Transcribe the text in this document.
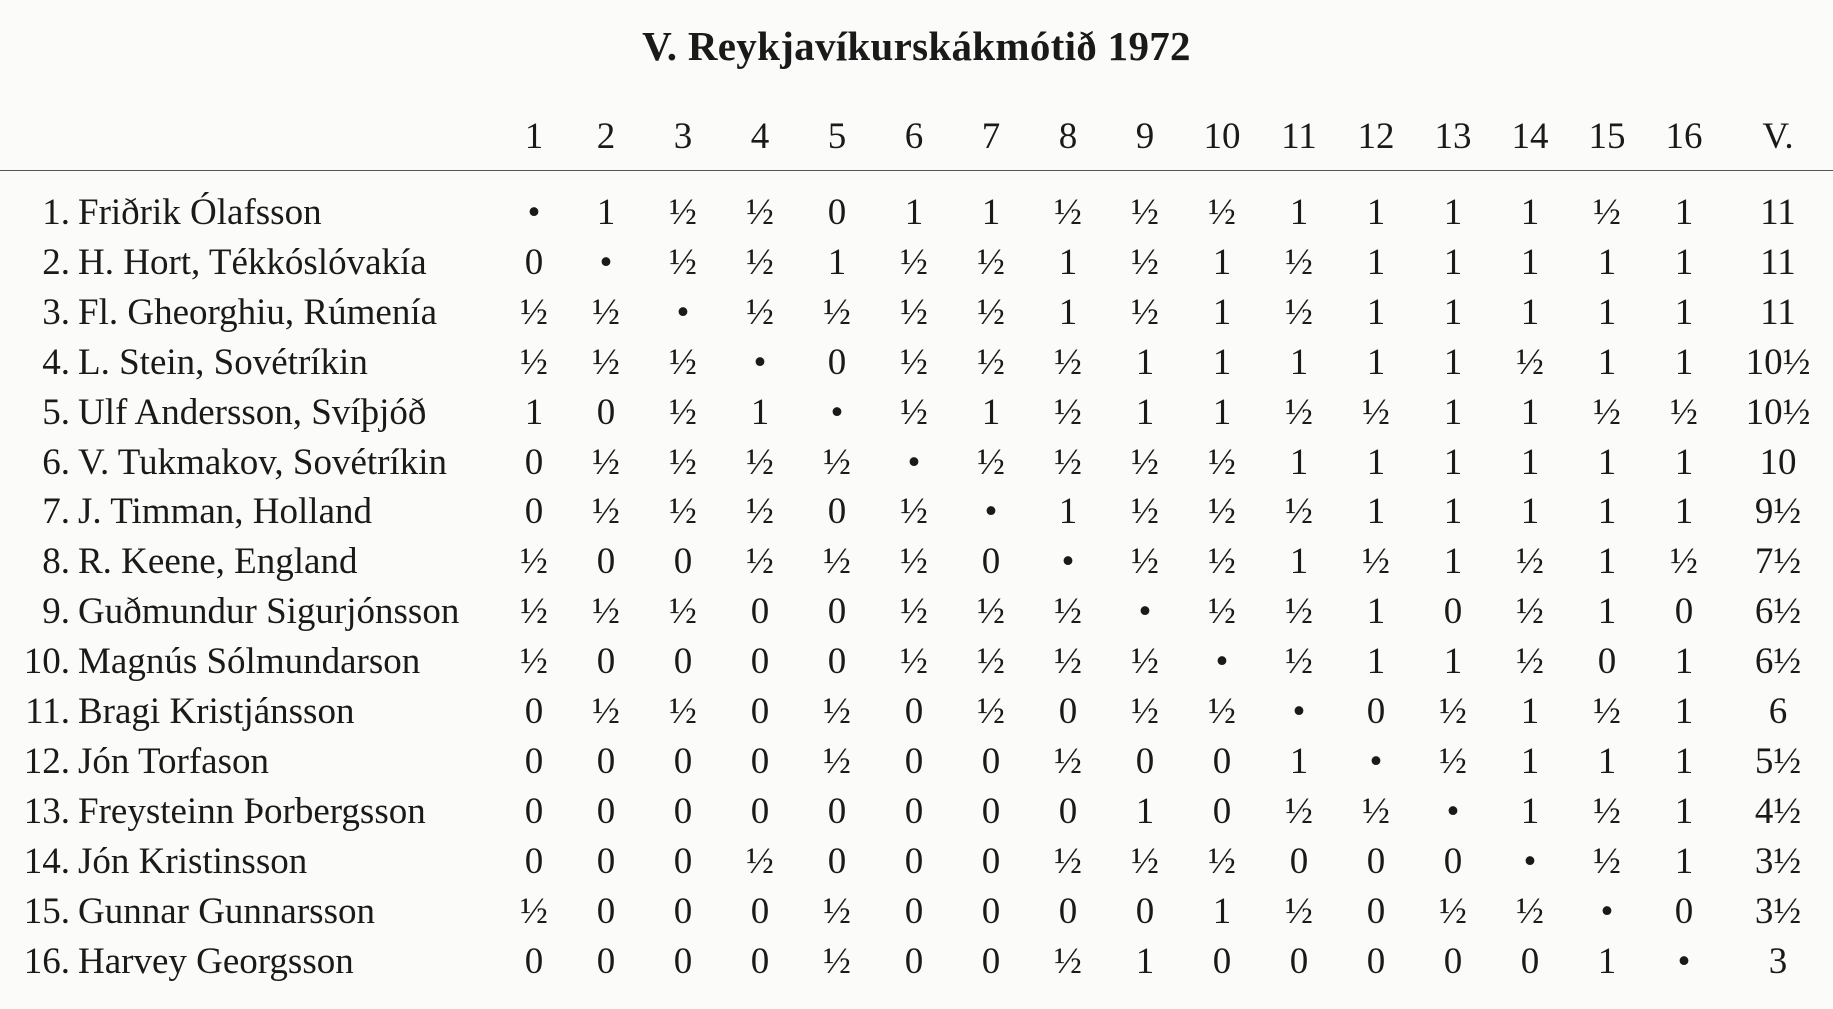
V. Reykjavíkurskákmótið 1972
1	2	3	4	5	6	7	8	9	10	11	12	13	14	15	16	V.
1. Friðrik Ólafsson	•	1	½	½	0	1	1	½	½	½	1	1	1	1	½	1	11
2. H. Hort, Tékkóslóvakía	0	•	½	½	1	½	½	1	½	1	½	1	1	1	1	1	11
3. Fl. Gheorghiu, Rúmenía	½	½	•	½	½	½	½	1	½	1	½	1	1	1	1	1	11
4. L. Stein, Sovétríkin	½	½	½	•	0	½	½	½	1	1	1	1	1	½	1	1	10½
5. Ulf Andersson, Svíþjóð	1	0	½	1	•	½	1	½	1	1	½	½	1	1	½	½	10½
6. V. Tukmakov, Sovétríkin	0	½	½	½	½	•	½	½	½	½	1	1	1	1	1	1	10
7. J. Timman, Holland	0	½	½	½	0	½	•	1	½	½	½	1	1	1	1	1	9½
8. R. Keene, England	½	0	0	½	½	½	0	•	½	½	1	½	1	½	1	½	7½
9. Guðmundur Sigurjónsson	½	½	½	0	0	½	½	½	•	½	½	1	0	½	1	0	6½
10. Magnús Sólmundarson	½	0	0	0	0	½	½	½	½	•	½	1	1	½	0	1	6½
11. Bragi Kristjánsson	0	½	½	0	½	0	½	0	½	½	•	0	½	1	½	1	6
12. Jón Torfason	0	0	0	0	½	0	0	½	0	0	1	•	½	1	1	1	5½
13. Freysteinn Þorbergsson	0	0	0	0	0	0	0	0	1	0	½	½	•	1	½	1	4½
14. Jón Kristinsson	0	0	0	½	0	0	0	½	½	½	0	0	0	•	½	1	3½
15. Gunnar Gunnarsson	½	0	0	0	½	0	0	0	0	1	½	0	½	½	•	0	3½
16. Harvey Georgsson	0	0	0	0	½	0	0	½	1	0	0	0	0	0	1	•	3
